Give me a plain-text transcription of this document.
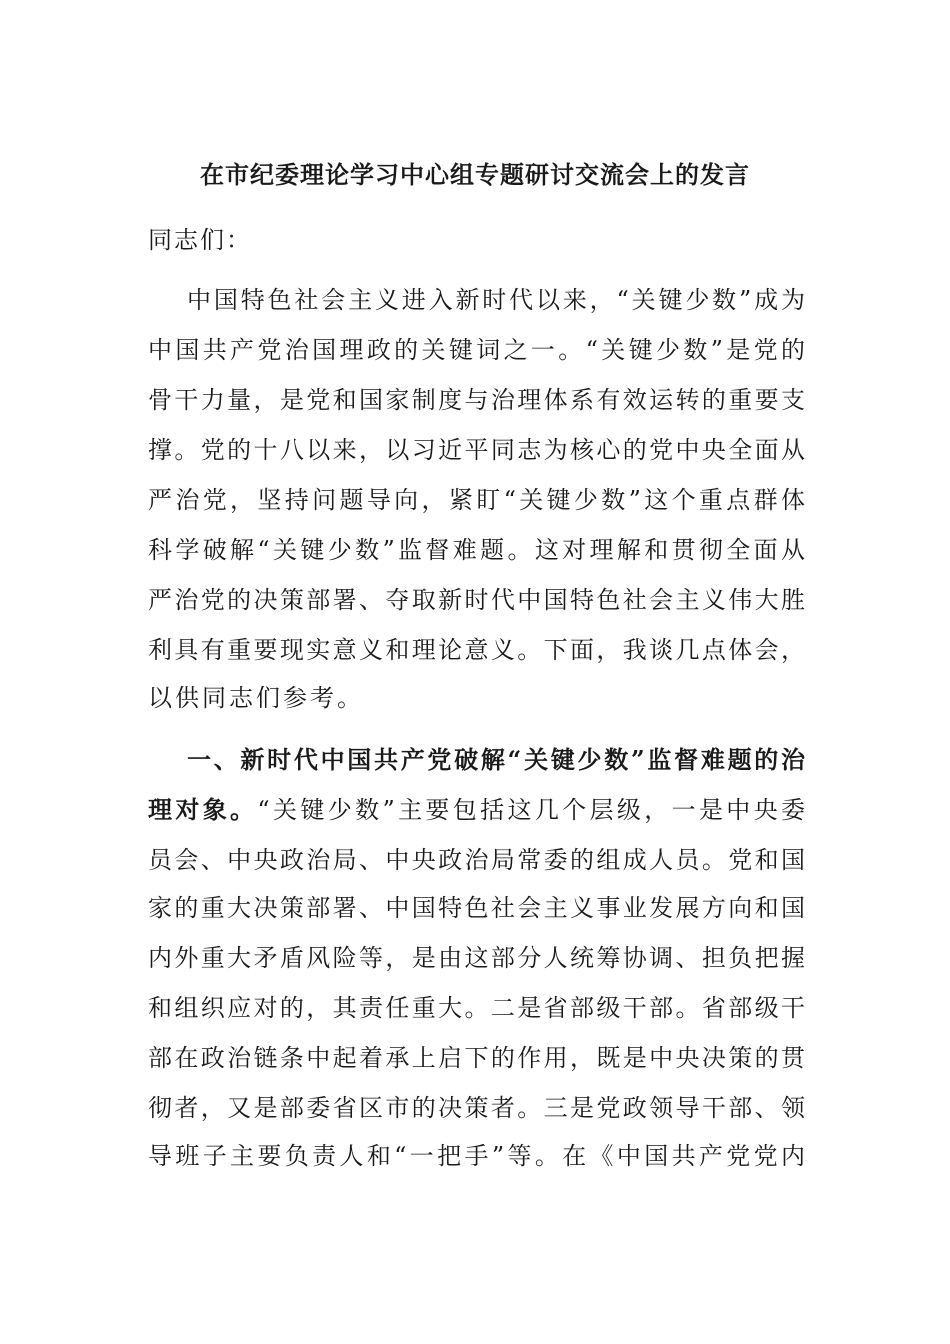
在市纪委理论学习中心组专题研讨交流会上的发言
同志们：
中国特色社会主义进入新时代以来，“关键少数”成为
中国共产党治国理政的关键词之一。“关键少数”是党的
骨干力量，是党和国家制度与治理体系有效运转的重要支
撑。党的十八以来，以习近平同志为核心的党中央全面从
严治党，坚持问题导向，紧盯“关键少数”这个重点群体
科学破解“关键少数”监督难题。这对理解和贯彻全面从
严治党的决策部署、夺取新时代中国特色社会主义伟大胜
利具有重要现实意义和理论意义。下面，我谈几点体会，
以供同志们参考。
一、新时代中国共产党破解“关键少数”监督难题的治
理对象。“关键少数”主要包括这几个层级，一是中央委
员会、中央政治局、中央政治局常委的组成人员。党和国
家的重大决策部署、中国特色社会主义事业发展方向和国
内外重大矛盾风险等，是由这部分人统筹协调、担负把握
和组织应对的，其责任重大。二是省部级干部。省部级干
部在政治链条中起着承上启下的作用，既是中央决策的贯
彻者，又是部委省区市的决策者。三是党政领导干部、领
导班子主要负责人和“一把手”等。在《中国共产党党内
